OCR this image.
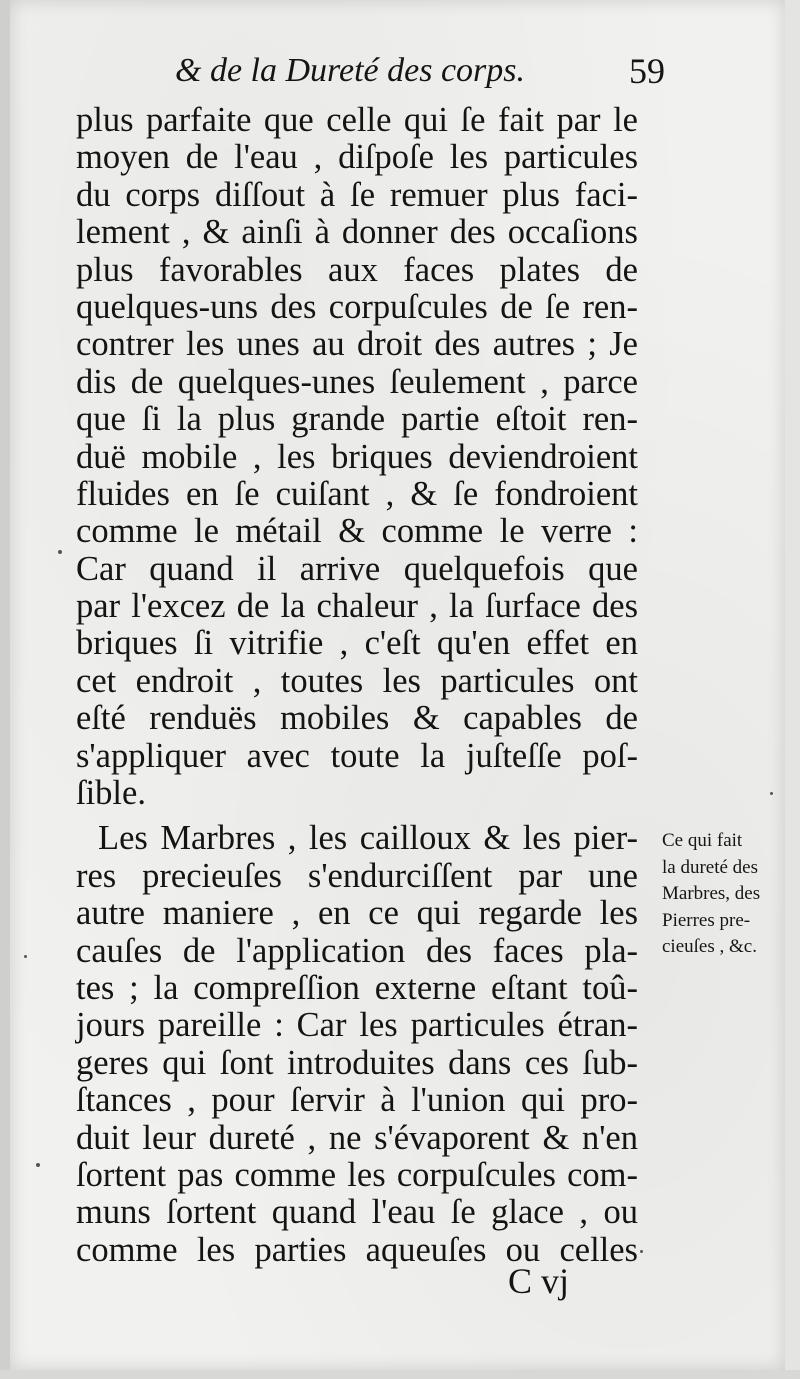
& de la Dureté des corps.	59
plus parfaite que celle qui ſe fait par le
moyen de l'eau , diſpoſe les particules
du corps diſſout à ſe remuer plus faci-
lement , & ainſi à donner des occaſions
plus favorables aux faces plates de
quelques-uns des corpuſcules de ſe ren-
contrer les unes au droit des autres ; Je
dis de quelques-unes ſeulement , parce
que ſi la plus grande partie eſtoit ren-
duë mobile , les briques deviendroient
fluides en ſe cuiſant , & ſe fondroient
comme le métail & comme le verre :
Car quand il arrive quelquefois que
par l'excez de la chaleur , la ſurface des
briques ſi vitrifie , c'eſt qu'en effet en
cet endroit , toutes les particules ont
eſté renduës mobiles & capables de
s'appliquer avec toute la juſteſſe poſ-
ſible.
Les Marbres , les cailloux & les pier-
res precieuſes s'endurciſſent par une
autre maniere , en ce qui regarde les
cauſes de l'application des faces pla-
tes ; la compreſſion externe eſtant toû-
jours pareille : Car les particules étran-
geres qui ſont introduites dans ces ſub-
ſtances , pour ſervir à l'union qui pro-
duit leur dureté , ne s'évaporent & n'en
ſortent pas comme les corpuſcules com-
muns ſortent quand l'eau ſe glace , ou
comme les parties aqueuſes ou celles
Ce qui fait
la dureté des
Marbres, des
Pierres pre-
cieuſes , &c.
C vj
